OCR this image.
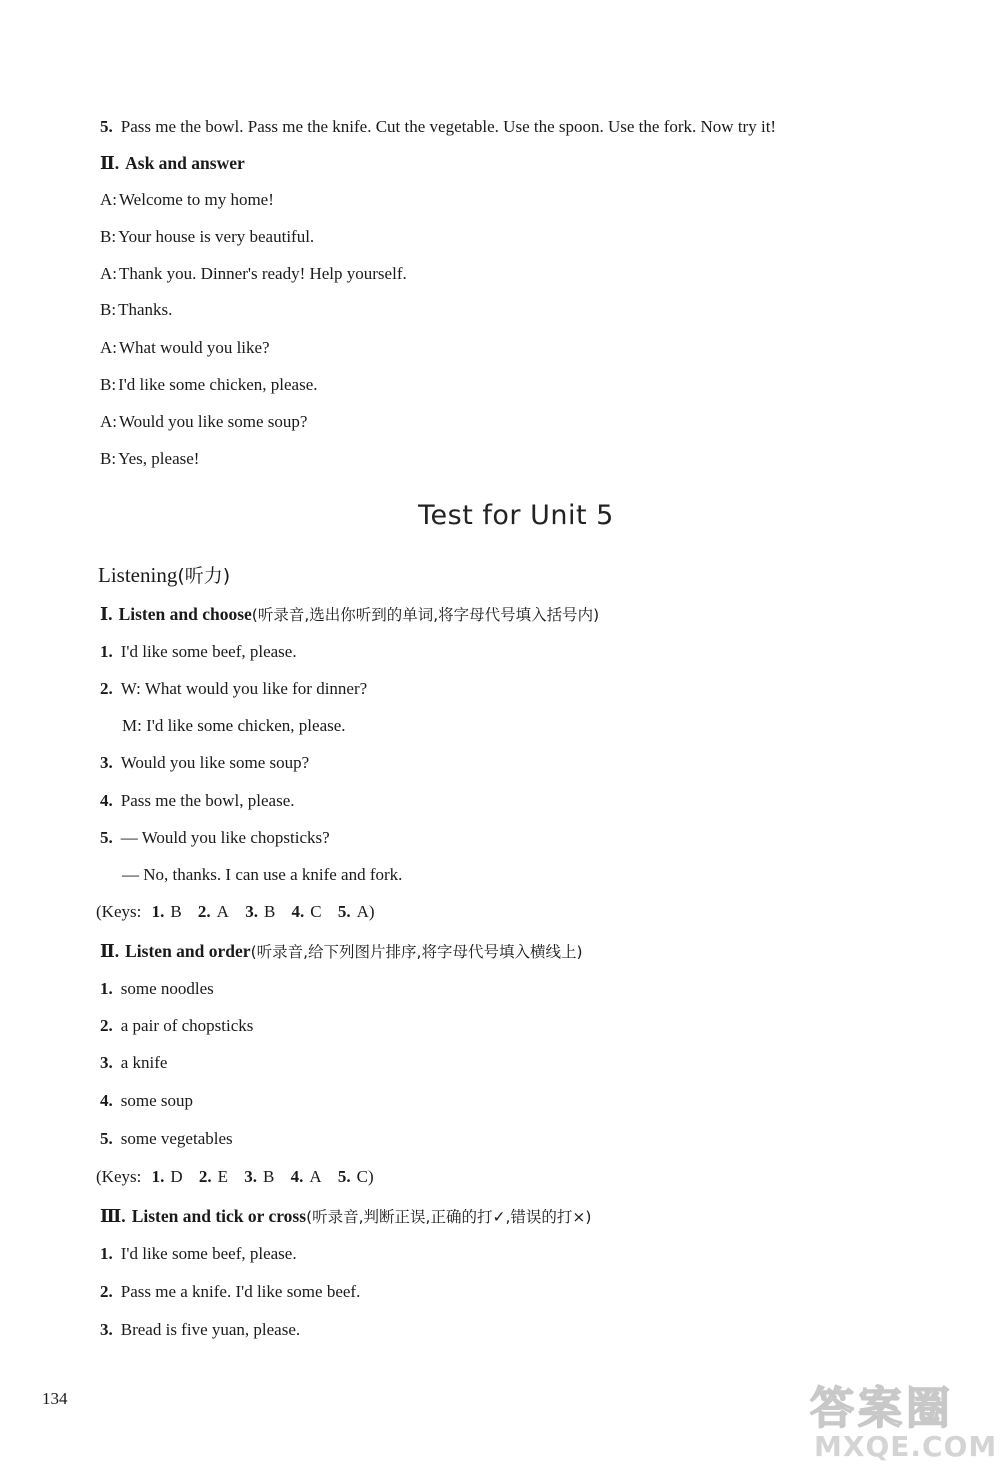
5. Pass me the bowl. Pass me the knife. Cut the vegetable. Use the spoon. Use the fork. Now try it!
Ⅱ. Ask and answer
A: Welcome to my home!
B: Your house is very beautiful.
A: Thank you. Dinner's ready! Help yourself.
B: Thanks.
A: What would you like?
B: I'd like some chicken, please.
A: Would you like some soup?
B: Yes, please!
Test for Unit 5
Listening(听力)
Ⅰ. Listen and choose(听录音,选出你听到的单词,将字母代号填入括号内)
1. I'd like some beef, please.
2. W: What would you like for dinner?
M: I'd like some chicken, please.
3. Would you like some soup?
4. Pass me the bowl, please.
5. — Would you like chopsticks?
— No, thanks. I can use a knife and fork.
(Keys: 1. B 2. A 3. B 4. C 5. A)
Ⅱ. Listen and order(听录音,给下列图片排序,将字母代号填入横线上)
1. some noodles
2. a pair of chopsticks
3. a knife
4. some soup
5. some vegetables
(Keys: 1. D 2. E 3. B 4. A 5. C)
Ⅲ. Listen and tick or cross(听录音,判断正误,正确的打✓,错误的打×)
1. I'd like some beef, please.
2. Pass me a knife. I'd like some beef.
3. Bread is five yuan, please.
134	答案圈
MXQE.COM
